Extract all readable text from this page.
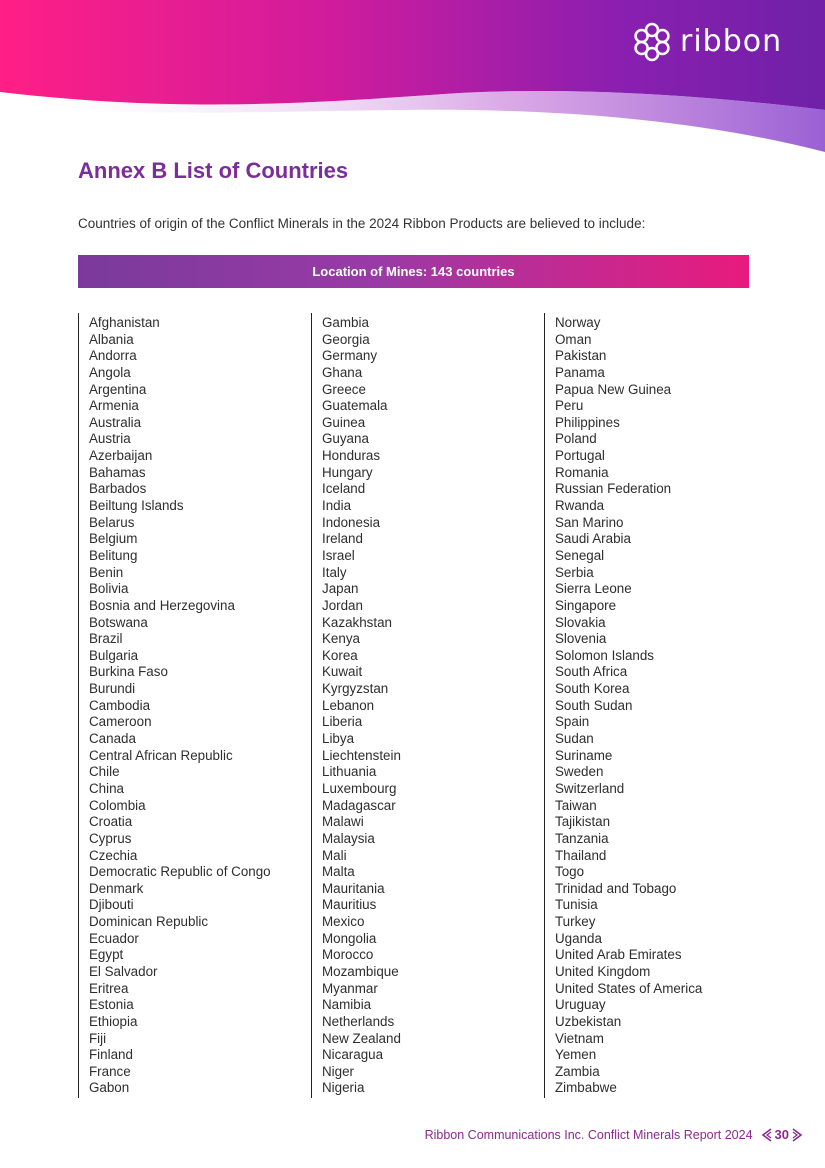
ribbon
Annex B List of Countries

Countries of origin of the Conflict Minerals in the 2024 Ribbon Products are believed to include:

Location of Mines: 143 countries
Afghanistan
Albania
Andorra
Angola
Argentina
Armenia
Australia
Austria
Azerbaijan
Bahamas
Barbados
Beiltung Islands
Belarus
Belgium
Belitung
Benin
Bolivia
Bosnia and Herzegovina
Botswana
Brazil
Bulgaria
Burkina Faso
Burundi
Cambodia
Cameroon
Canada
Central African Republic
Chile
China
Colombia
Croatia
Cyprus
Czechia
Democratic Republic of Congo
Denmark
Djibouti
Dominican Republic
Ecuador
Egypt
El Salvador
Eritrea
Estonia
Ethiopia
Fiji
Finland
France
Gabon
Gambia
Georgia
Germany
Ghana
Greece
Guatemala
Guinea
Guyana
Honduras
Hungary
Iceland
India
Indonesia
Ireland
Israel
Italy
Japan
Jordan
Kazakhstan
Kenya
Korea
Kuwait
Kyrgyzstan
Lebanon
Liberia
Libya
Liechtenstein
Lithuania
Luxembourg
Madagascar
Malawi
Malaysia
Mali
Malta
Mauritania
Mauritius
Mexico
Mongolia
Morocco
Mozambique
Myanmar
Namibia
Netherlands
New Zealand
Nicaragua
Niger
Nigeria
Norway
Oman
Pakistan
Panama
Papua New Guinea
Peru
Philippines
Poland
Portugal
Romania
Russian Federation
Rwanda
San Marino
Saudi Arabia
Senegal
Serbia
Sierra Leone
Singapore
Slovakia
Slovenia
Solomon Islands
South Africa
South Korea
South Sudan
Spain
Sudan
Suriname
Sweden
Switzerland
Taiwan
Tajikistan
Tanzania
Thailand
Togo
Trinidad and Tobago
Tunisia
Turkey
Uganda
United Arab Emirates
United Kingdom
United States of America
Uruguay
Uzbekistan
Vietnam
Yemen
Zambia
Zimbabwe
Ribbon Communications Inc. Conflict Minerals Report 2024 30
